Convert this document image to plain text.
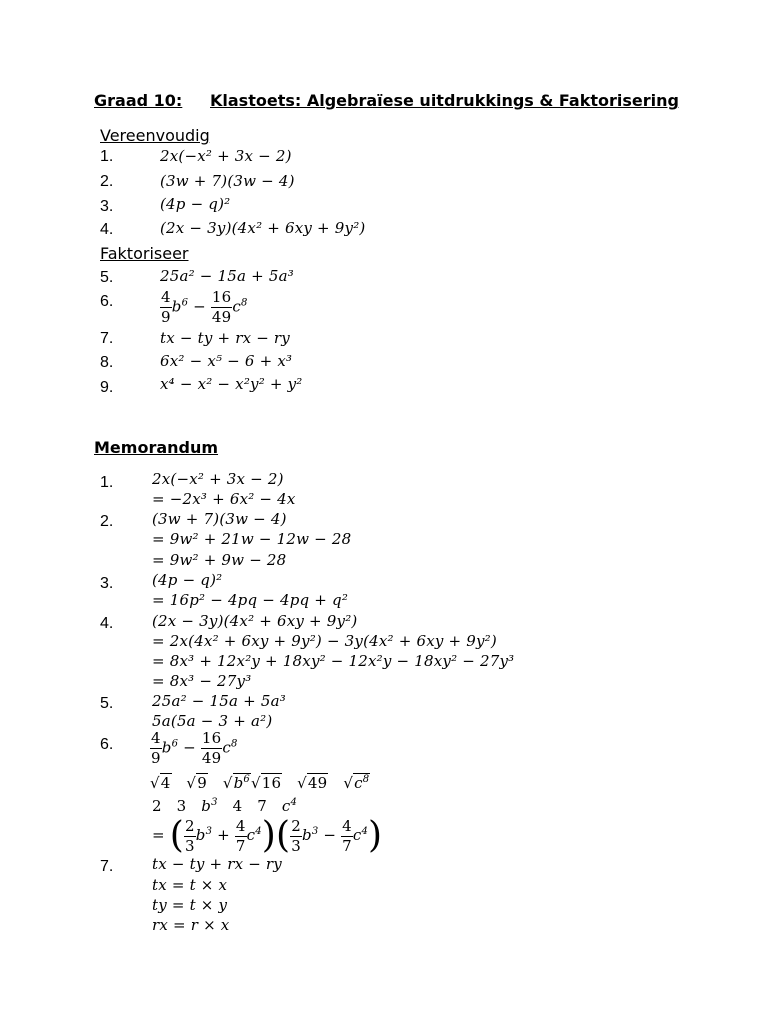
Graad 10: Klastoets: Algebraïese uitdrukkings & Faktorisering
Vereenvoudig
1.	2x(−x² + 3x − 2)
2.	(3w + 7)(3w − 4)
3.	(4p − q)²
4.	(2x − 3y)(4x² + 6xy + 9y²)
Faktoriseer
5.	25a² − 15a + 5a³
6.	$\frac{4}{9} b^6 - \frac{16}{49} c^8$
7.	tx − ty + rx − ry
8.	6x² − x⁵ − 6 + x³
9.	x⁴ − x² − x²y² + y²
Memorandum
1.	2x(−x² + 3x − 2)
= −2x³ + 6x² − 4x
2.	(3w + 7)(3w − 4)
= 9w² + 21w − 12w − 28
= 9w² + 9w − 28
3.	(4p − q)²
= 16p² − 4pq − 4pq + q²
4.	(2x − 3y)(4x² + 6xy + 9y²)
= 2x(4x² + 6xy + 9y²) − 3y(4x² + 6xy + 9y²)
= 8x³ + 12x²y + 18xy² − 12x²y − 18xy² − 27y³
= 8x³ − 27y³
5.	25a² − 15a + 5a³
5a(5a − 3 + a²)
6. $\frac{4}{9} b^6 - \frac{16}{49} c^8$
√4 √9 $√b^6√16$ √49 $√c^8$
2   3   $b^3$   4   7   $c^4$
= ( $\frac{2}{3} b^3 + \frac{4}{7} c^4)( \frac{2}{3} b^3 - \frac{4}{7} c^4)$
7.	tx − ty + rx − ry
tx = t × x
ty = t × y
rx = r × x
